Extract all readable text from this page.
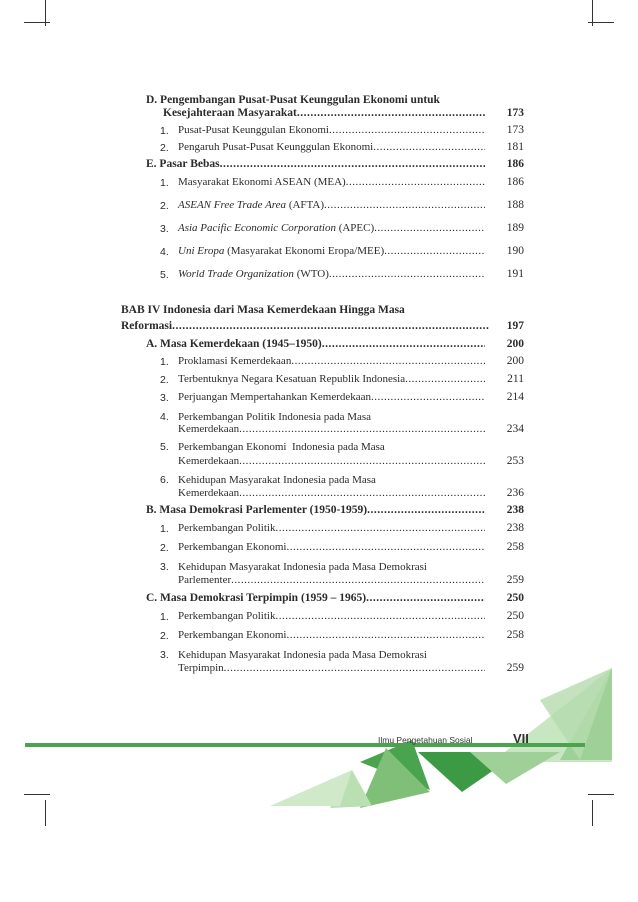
Ilmu Pengetahuan Sosial	VII
D. Pengembangan Pusat-Pusat Keunggulan Ekonomi untuk
Kesejahteraan Masyarakat .....	173
1. Pusat-Pusat Keunggulan Ekonomi .....	173
2. Pengaruh Pusat-Pusat Keunggulan Ekonomi .....	181
E. Pasar Bebas .....	186
1. Masyarakat Ekonomi ASEAN (MEA) .....	186
2. ASEAN Free Trade Area (AFTA) .....	188
3. Asia Pacific Economic Corporation (APEC) .....	189
4. Uni Eropa (Masyarakat Ekonomi Eropa/MEE) .....	190
5. World Trade Organization (WTO) .....	191
BAB IV Indonesia dari Masa Kemerdekaan Hingga Masa
Reformasi .....	197
A. Masa Kemerdekaan (1945–1950) .....	200
1. Proklamasi Kemerdekaan .....	200
2. Terbentuknya Negara Kesatuan Republik Indonesia .....	211
3. Perjuangan Mempertahankan Kemerdekaan .....	214
4. Perkembangan Politik Indonesia pada Masa
Kemerdekaan .....	234
5. Perkembangan Ekonomi  Indonesia pada Masa
Kemerdekaan .....	253
6. Kehidupan Masyarakat Indonesia pada Masa
Kemerdekaan .....	236
B. Masa Demokrasi Parlementer (1950-1959) .....	238
1. Perkembangan Politik .....	238
2. Perkembangan Ekonomi .....	258
3. Kehidupan Masyarakat Indonesia pada Masa Demokrasi
Parlementer .....	259
C. Masa Demokrasi Terpimpin (1959 – 1965) .....	250
1. Perkembangan Politik .....	250
2. Perkembangan Ekonomi .....	258
3. Kehidupan Masyarakat Indonesia pada Masa Demokrasi
Terpimpin .....	259
